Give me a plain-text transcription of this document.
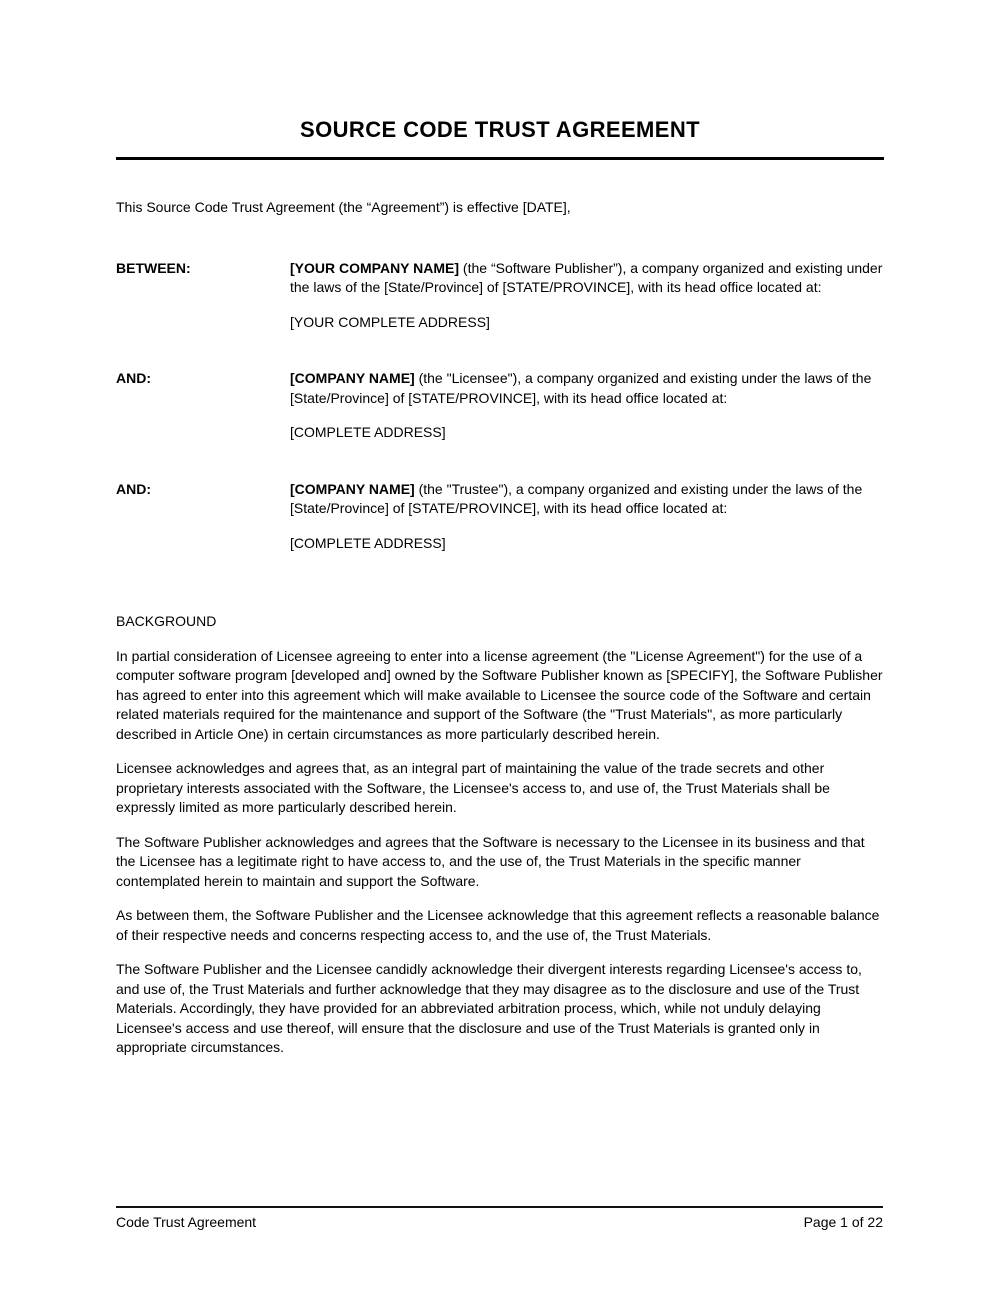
SOURCE CODE TRUST AGREEMENT

This Source Code Trust Agreement (the “Agreement”) is effective [DATE],

BETWEEN:	[YOUR COMPANY NAME] (the “Software Publisher”), a company organized and existing under the laws of the [State/Province] of [STATE/PROVINCE], with its head office located at:

[YOUR COMPLETE ADDRESS]

AND:	[COMPANY NAME] (the "Licensee"), a company organized and existing under the laws of the [State/Province] of [STATE/PROVINCE], with its head office located at:

[COMPLETE ADDRESS]

AND:	[COMPANY NAME] (the "Trustee"), a company organized and existing under the laws of the [State/Province] of [STATE/PROVINCE], with its head office located at:

[COMPLETE ADDRESS]

BACKGROUND

In partial consideration of Licensee agreeing to enter into a license agreement (the "License Agreement") for the use of a computer software program [developed and] owned by the Software Publisher known as [SPECIFY], the Software Publisher has agreed to enter into this agreement which will make available to Licensee the source code of the Software and certain related materials required for the maintenance and support of the Software (the "Trust Materials", as more particularly described in Article One) in certain circumstances as more particularly described herein.

Licensee acknowledges and agrees that, as an integral part of maintaining the value of the trade secrets and other proprietary interests associated with the Software, the Licensee's access to, and use of, the Trust Materials shall be expressly limited as more particularly described herein.

The Software Publisher acknowledges and agrees that the Software is necessary to the Licensee in its business and that the Licensee has a legitimate right to have access to, and the use of, the Trust Materials in the specific manner contemplated herein to maintain and support the Software.

As between them, the Software Publisher and the Licensee acknowledge that this agreement reflects a reasonable balance of their respective needs and concerns respecting access to, and the use of, the Trust Materials.

The Software Publisher and the Licensee candidly acknowledge their divergent interests regarding Licensee's access to, and use of, the Trust Materials and further acknowledge that they may disagree as to the disclosure and use of the Trust Materials. Accordingly, they have provided for an abbreviated arbitration process, which, while not unduly delaying Licensee's access and use thereof, will ensure that the disclosure and use of the Trust Materials is granted only in appropriate circumstances.

Code Trust Agreement	Page 1 of 22
